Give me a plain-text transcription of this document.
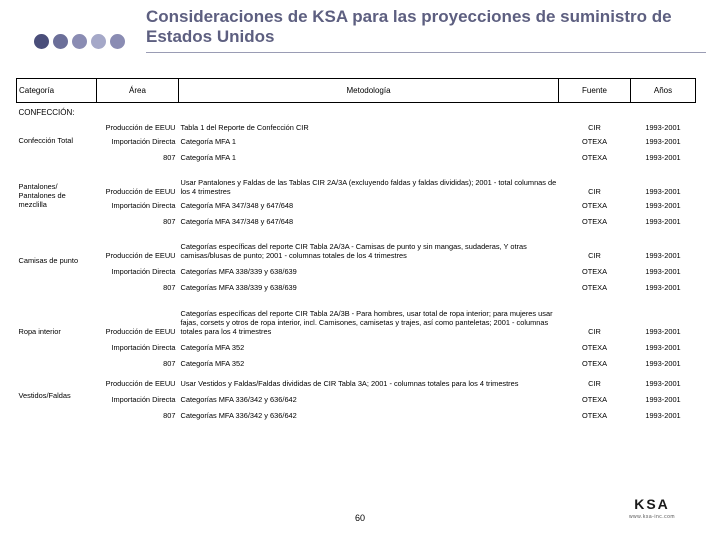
Consideraciones de KSA para las proyecciones de suministro de Estados Unidos
Categoría	Área	Metodología	Fuente	Años
CONFECCIÓN:				
Confección Total	Producción de EEUU	Tabla 1 del Reporte de Confección CIR	CIR	1993-2001
	Importación Directa	Categoría MFA 1	OTEXA	1993-2001
	807	Categoría MFA 1	OTEXA	1993-2001
Pantalones/ Pantalones de mezclilla	Producción de EEUU	Usar Pantalones y Faldas de las Tablas CIR 2A/3A (excluyendo faldas y faldas divididas); 2001 - total columnas de los 4 trimestres	CIR	1993-2001
	Importación Directa	Categoría MFA 347/348 y 647/648	OTEXA	1993-2001
	807	Categoría MFA 347/348 y 647/648	OTEXA	1993-2001
Camisas de punto	Producción de EEUU	Categorías específicas del reporte CIR Tabla 2A/3A - Camisas de punto y sin mangas, sudaderas, Y otras camisas/blusas de punto; 2001 - columnas totales de los 4 trimestres	CIR	1993-2001
	Importación Directa	Categorías MFA 338/339 y 638/639	OTEXA	1993-2001
	807	Categorías MFA 338/339 y 638/639	OTEXA	1993-2001
Ropa interior	Producción de EEUU	Categorías específicas del reporte CIR Tabla 2A/3B - Para hombres, usar total de ropa interior; para mujeres usar fajas, corsets y otros de ropa interior, incl. Camisones, camisetas y trajes, así como panteletas; 2001 - columnas totales para los 4 trimestres	CIR	1993-2001
	Importación Directa	Categoría MFA 352	OTEXA	1993-2001
	807	Categoría MFA 352	OTEXA	1993-2001
Vestidos/Faldas	Producción de EEUU	Usar Vestidos y Faldas/Faldas divididas de CIR Tabla 3A; 2001 - columnas totales para los 4 trimestres	CIR	1993-2001
	Importación Directa	Categorías MFA 336/342 y 636/642	OTEXA	1993-2001
	807	Categorías MFA 336/342 y 636/642	OTEXA	1993-2001
60
KSA
www.ksa-inc.com
